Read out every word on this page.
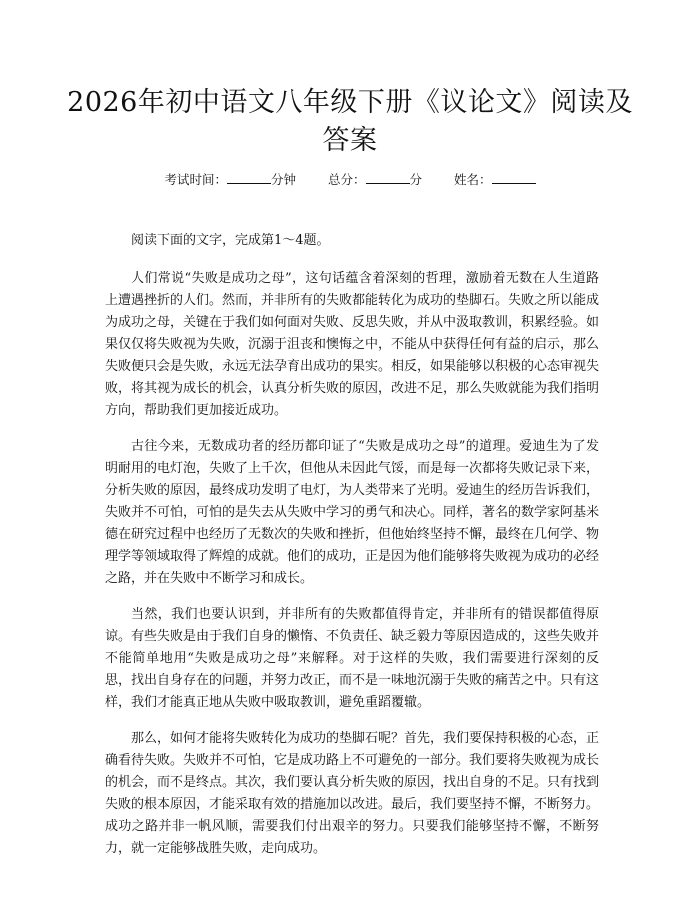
2026年初中语文八年级下册《议论文》阅读及答案
考试时间：	分钟	总分：	分	姓名：

阅读下面的文字，完成第1～4题。

人们常说“失败是成功之母”，这句话蕴含着深刻的哲理，激励着无数在人生道路上遭遇挫折的人们。然而，并非所有的失败都能转化为成功的垫脚石。失败之所以能成为成功之母，关键在于我们如何面对失败、反思失败，并从中汲取教训，积累经验。如果仅仅将失败视为失败，沉溺于沮丧和懊悔之中，不能从中获得任何有益的启示，那么失败便只会是失败，永远无法孕育出成功的果实。相反，如果能够以积极的心态审视失败，将其视为成长的机会，认真分析失败的原因，改进不足，那么失败就能为我们指明方向，帮助我们更加接近成功。

古往今来，无数成功者的经历都印证了“失败是成功之母”的道理。爱迪生为了发明耐用的电灯泡，失败了上千次，但他从未因此气馁，而是每一次都将失败记录下来，分析失败的原因，最终成功发明了电灯，为人类带来了光明。爱迪生的经历告诉我们，失败并不可怕，可怕的是失去从失败中学习的勇气和决心。同样，著名的数学家阿基米德在研究过程中也经历了无数次的失败和挫折，但他始终坚持不懈，最终在几何学、物理学等领域取得了辉煌的成就。他们的成功，正是因为他们能够将失败视为成功的必经之路，并在失败中不断学习和成长。

当然，我们也要认识到，并非所有的失败都值得肯定，并非所有的错误都值得原谅。有些失败是由于我们自身的懒惰、不负责任、缺乏毅力等原因造成的，这些失败并不能简单地用“失败是成功之母”来解释。对于这样的失败，我们需要进行深刻的反思，找出自身存在的问题，并努力改正，而不是一味地沉溺于失败的痛苦之中。只有这样，我们才能真正地从失败中吸取教训，避免重蹈覆辙。

那么，如何才能将失败转化为成功的垫脚石呢？首先，我们要保持积极的心态，正确看待失败。失败并不可怕，它是成功路上不可避免的一部分。我们要将失败视为成长的机会，而不是终点。其次，我们要认真分析失败的原因，找出自身的不足。只有找到失败的根本原因，才能采取有效的措施加以改进。最后，我们要坚持不懈，不断努力。成功之路并非一帆风顺，需要我们付出艰辛的努力。只要我们能够坚持不懈，不断努力，就一定能够战胜失败，走向成功。
